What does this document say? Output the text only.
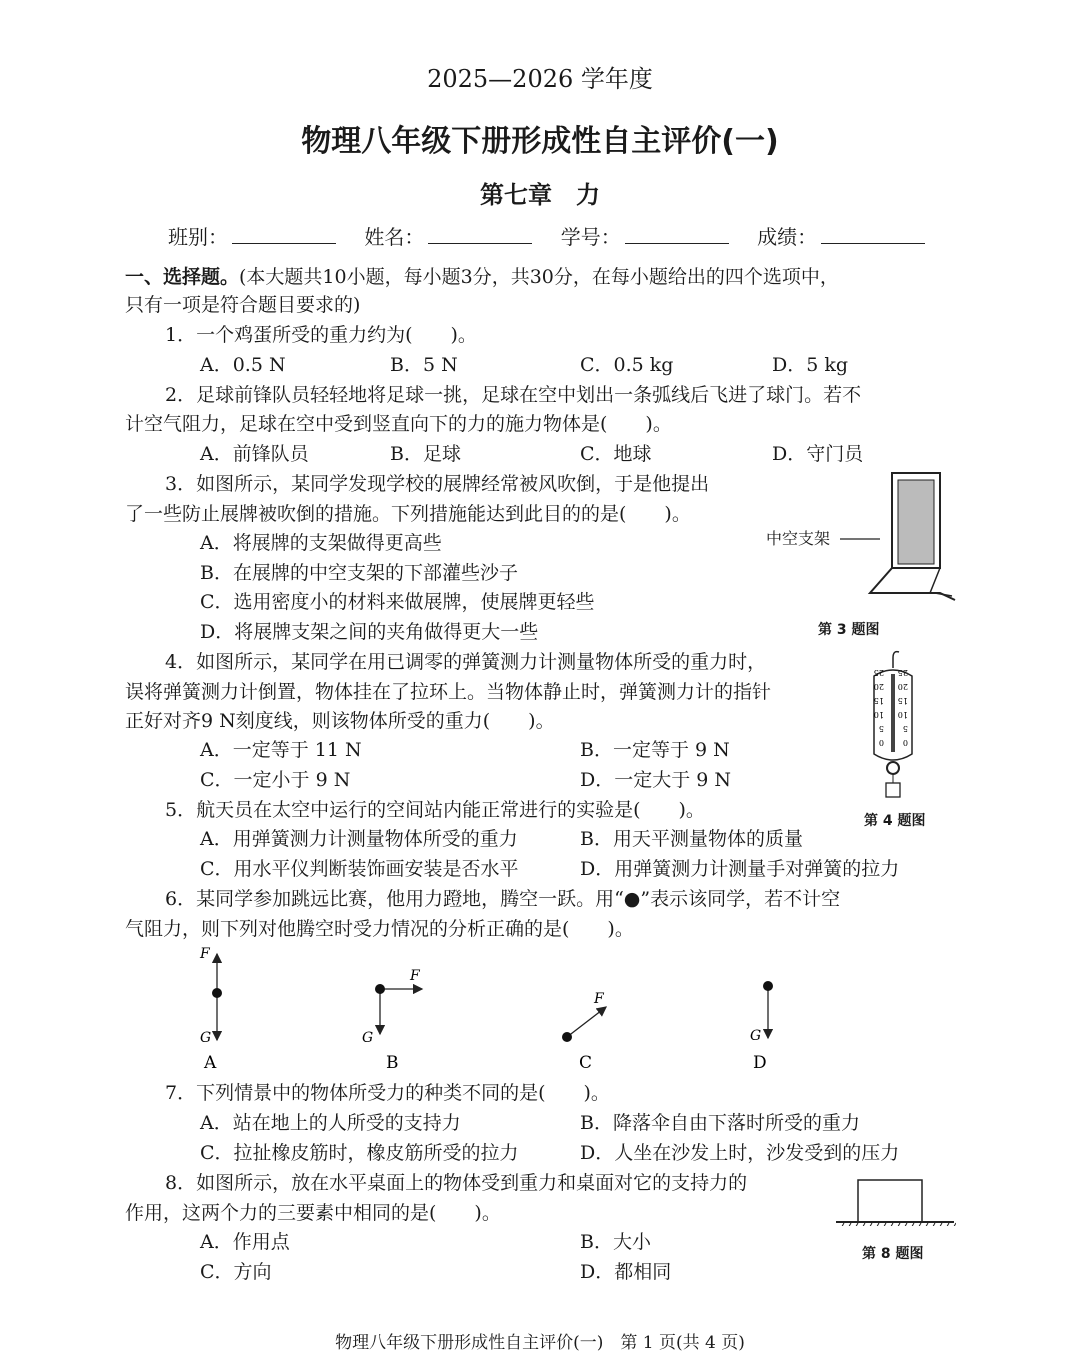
2025—2026 学年度
物理八年级下册形成性自主评价(一)
第七章　力
班别：	姓名：	学号：	成绩：
一、选择题。(本大题共10小题，每小题3分，共30分，在每小题给出的四个选项中，
只有一项是符合题目要求的)
1．一个鸡蛋所受的重力约为(　　)。
A．0.5 N	B．5 N	C．0.5 kg	D．5 kg
2．足球前锋队员轻轻地将足球一挑，足球在空中划出一条弧线后飞进了球门。若不
计空气阻力，足球在空中受到竖直向下的力的施力物体是(　　)。
A．前锋队员	B．足球	C．地球	D．守门员
3．如图所示，某同学发现学校的展牌经常被风吹倒，于是他提出
了一些防止展牌被吹倒的措施。下列措施能达到此目的的是(　　)。
A．将展牌的支架做得更高些
B．在展牌的中空支架的下部灌些沙子
C．选用密度小的材料来做展牌，使展牌更轻些
D．将展牌支架之间的夹角做得更大一些
中空支架
第 3 题图
4．如图所示，某同学在用已调零的弹簧测力计测量物体所受的重力时，
误将弹簧测力计倒置，物体挂在了拉环上。当物体静止时，弹簧测力计的指针
正好对齐9 N刻度线，则该物体所受的重力(　　)。
A．一定等于 11 N	B．一定等于 9 N
C．一定小于 9 N	D．一定大于 9 N
0 0
5 5
10 10
15 15
20 20
25 25
第 4 题图
5．航天员在太空中运行的空间站内能正常进行的实验是(　　)。
A．用弹簧测力计测量物体所受的重力	B．用天平测量物体的质量
C．用水平仪判断装饰画安装是否水平	D．用弹簧测力计测量手对弹簧的拉力
6．某同学参加跳远比赛，他用力蹬地，腾空一跃。用“●”表示该同学，若不计空
气阻力，则下列对他腾空时受力情况的分析正确的是(　　)。
F
G
A
F
G
B
F
C
G
D
7．下列情景中的物体所受力的种类不同的是(　　)。
A．站在地上的人所受的支持力	B．降落伞自由下落时所受的重力
C．拉扯橡皮筋时，橡皮筋所受的拉力	D．人坐在沙发上时，沙发受到的压力
8．如图所示，放在水平桌面上的物体受到重力和桌面对它的支持力的
作用，这两个力的三要素中相同的是(　　)。
A．作用点	B．大小
C．方向	D．都相同
第 8 题图
物理八年级下册形成性自主评价(一)　第 1 页(共 4 页)
